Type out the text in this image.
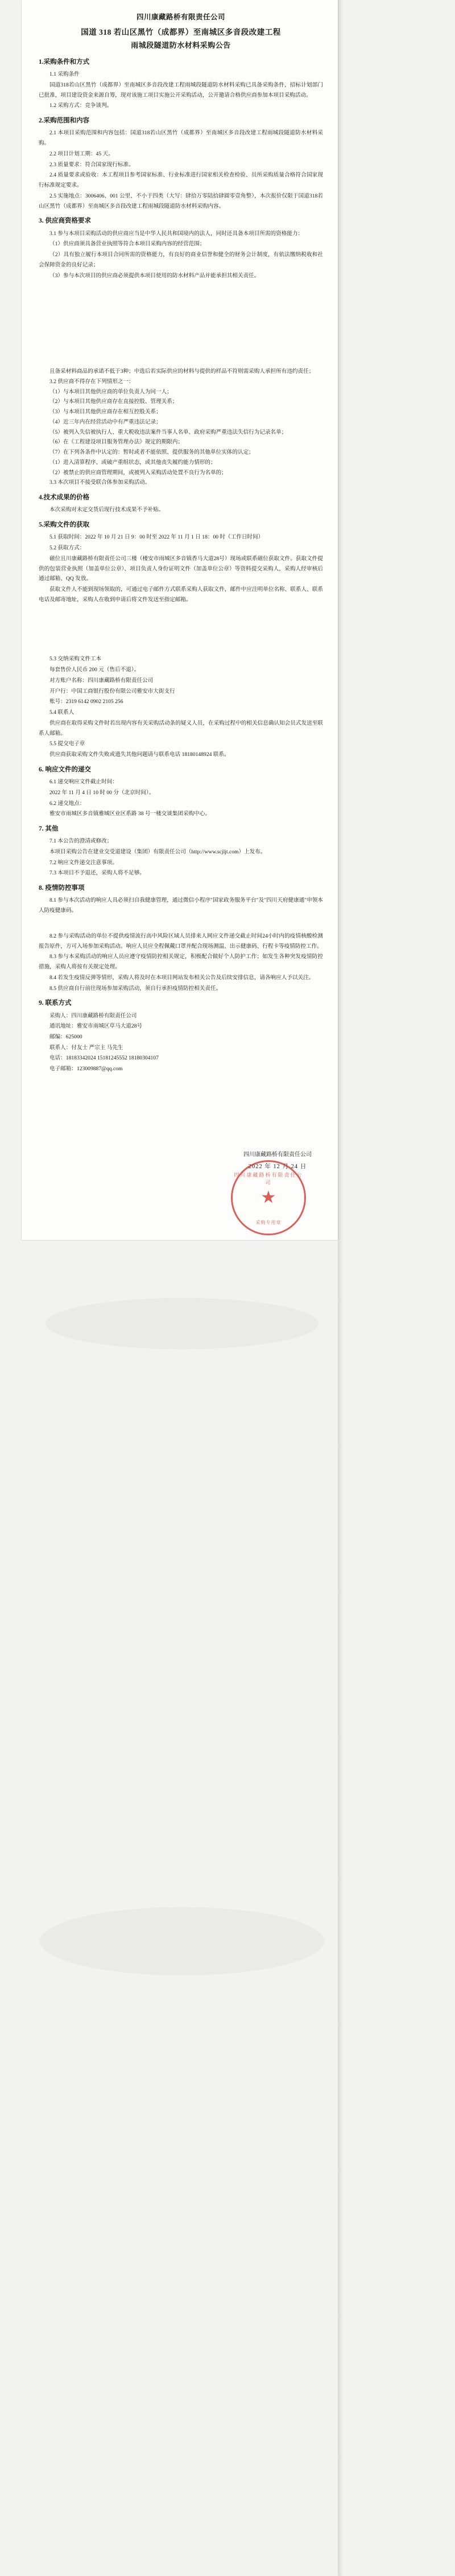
四川康藏路桥有限责任公司
国道 318 若山区黑竹（成都界）至南城区多音段改建工程
雨城段隧道防水材料采购公告
1.采购条件和方式

1.1 采购条件

国道318若山区黑竹（成都界）至南城区多音段改建工程雨城段隧道防水材料采购已具备采购条件，招标计划部门已批准，项目建设资金来源自筹，现对该施工项目实施公开采购活动，公开邀请合格供应商参加本项目采购活动。

1.2 采购方式：竞争谈判。

2.采购范围和内容

2.1 本项目采购范围和内容包括：国道318若山区黑竹（成都界）至南城区多音段改建工程雨城段隧道防水材料采购。

2.2 项目计划工期：45 天。

2.3 质量要求：符合国家现行标准。

2.4 质量要求或验收：本工程项目参考国家标准、行业标准进行国家相关检查检验、员所采购质量合格符合国家现行标准规定要求。

2.5 实施地点：3006406、001 公里、不小于四类（大写：肆拾万零陆拾肆圆零壹角整），本次报价仅限于国道318若山区黑竹（成都界）至南城区多音段改建工程雨城段隧道防水材料采购内容。

3. 供应商资格要求

3.1 参与本项目采购活动的供应商应当是中华人民共和国境内的法人，同时还具备本项目所需的资格能力：

（1）供应商须具备营业执照等符合本项目采购内容的经营范围；

（2）具有独立履行本项目合同所需的资格能力，有良好的商业信誉和健全的财务会计制度，有依法缴纳税收和社会保障资金的良好记录；

（3）参与本次项目的供应商必须提供本项目使用的防水材料产品并能承担其相关责任。

且备采材料商品的承诺不低于3种；中选后若实际供应的材料与提供的样品不符则需采购人承担所有违约责任；

3.2 供应商不得存在下列情形之一：

（1）与本项目其他供应商的单位负责人为同一人；

（2）与本项目其他供应商存在直接控股、管理关系；

（3）与本项目其他供应商存在相互控股关系；

（4）近三年内在经营活动中有严重违法记录；

（5）被列入失信被执行人、重大税收违法案件当事人名单、政府采购严重违法失信行为记录名单；

（6）在《工程建设项目服务管理办法》规定的期限内；

（7）在下列各条件中认定的：暂时或者不能依照、提供服务的其他单位实体的认定；

（1）进入清算程序、或破产重组状态，或其他丧失履约能力情形的；

（2）被禁止的供应商管理期间，或被列入采购活动处置不良行为名单的；

3.3 本次项目不接受联合体参加采购活动。

4.技术成果的价格

本次采购对未定交货后现行技术成果不予补贴。

5.采购文件的获取

5.1 获取时间：2022 年 10 月 21 日 9：00 时至 2022 年 11 月 1 日 18：00 时（工作日时间）

5.2 获取方式：

磁位且川康藏路桥有限责任公司三楼（楼安市雨城区多音镇香马大道28号）现场或联系磁位获取文件。获取文件提供的包装营业执照（加盖单位公章）、项目负责人身份证明文件（加盖单位公章）等资料提交采购人，采购人经审核后通过邮箱、QQ 发放。

获取文件人不能到现场领取的，可通过电子邮件方式联系采购人获取文件，邮件中应注明单位名称、联系人、联系电话及邮寄地址，采购人在收到申请后将文件发送至指定邮箱。

5.3 交纳采购文件工本

每套售价人民币 200 元（售后不退）。

对方账户名称：四川康藏路桥有限责任公司

开户行：中国工商银行股份有限公司雅安市大街支行

账号：2319 6142 0902 2105 256

5.4 联系人

供应商在取得采购文件时若出现内容有关采购活动条的疑义人员，在采购过程中的相关信息确认知会员式发送至联系人邮箱。

5.5 提交电子章

供应商获取采购文件失败或遗失其他问题请与联系电话 18180148924 联系。

6. 响应文件的递交

6.1 递交响应文件截止时间：

2022 年 11 月 4 日 10 时 00 分（北京时间）。

6.2 递交地点：

雅安市雨城区多音镇雅城区业区系路 38 号一楼交谈集团采购中心。

7. 其他

7.1 本公告的澄清或修改；

本项目采购公告在建业交受道建设（集团）有限责任公司（http://www.scjljt.com）上发布。

7.2 响应文件递交注意事项。

7.3 本项目不予退还，采购人将不足够。

8. 疫情防控事项

8.1 参与本次活动的响应人具必须扫自我健康管理，通过微信小程序"国家政务服务平台"及"四川天府健康通"申领本人防疫健康码。

8.2 参与采购活动的单位不提供疫情流行高中风险区域人员排来人网应文件递交截止时间24小时内的疫情核酸检测报告原件，方可入场参加采购活动。响应人员应全程佩戴口罩并配合现场测温、出示健康码、行程卡等疫情防控工作。

8.3 参与本采购活动的响应人员应遵守疫情防控相关规定，积极配合做好个人防护工作；如发生各种突发疫情防控措施，采购人将按有关规定处理。

8.4 若发生疫情反弹等情形，采购人将及时在本项目网站发布相关公告及后续安排信息，请各响应人予以关注。

8.5 供应商自行前往现场参加采购活动，须自行承担疫情防控相关责任。

9. 联系方式

采购人：四川康藏路桥有限责任公司

通讯地址：雅安市雨城区草马大道28号

邮编：625000

联系人：付友士 严宗主 马先生

电话：18183342024 15181245552 18180304107

电子邮箱：123009887@qq.com

四川康藏路桥有限责任公司
2022 年 12 月 24 日
四川康藏路桥有限责任公司
★
采购专用章
